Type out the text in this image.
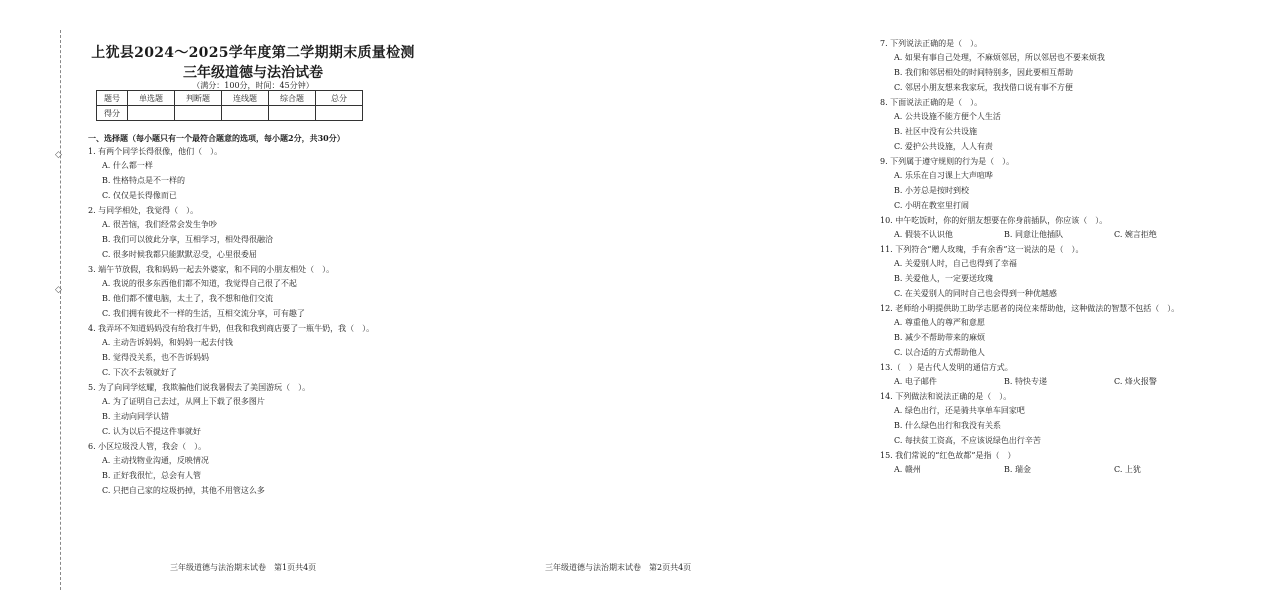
◇
◇
上犹县2024～2025学年度第二学期期末质量检测
三年级道德与法治试卷
（满分：100分，时间：45分钟）
题号	单选题	判断题	连线题	综合题	总分
得分					
一、选择题（每小题只有一个最符合题意的选项，每小题2分，共30分）
1. 有两个同学长得很像，他们（　）。
A. 什么都一样
B. 性格特点是不一样的
C. 仅仅是长得像而已
2. 与同学相处，我觉得（　）。
A. 很苦恼，我们经常会发生争吵
B. 我们可以彼此分享，互相学习，相处得很融洽
C. 很多时候我都只能默默忍受，心里很委屈
3. 端午节放假，我和妈妈一起去外婆家，和不同的小朋友相处（　）。
A. 我说的很多东西他们都不知道，我觉得自己很了不起
B. 他们都不懂电脑，太土了，我不想和他们交流
C. 我们拥有彼此不一样的生活，互相交流分享，可有趣了
4. 我弄坏不知道妈妈没有给我打牛奶，但我和我到商店要了一瓶牛奶，我（　）。
A. 主动告诉妈妈，和妈妈一起去付钱
B. 觉得没关系，也不告诉妈妈
C. 下次不去领就好了
5. 为了向同学炫耀，我欺骗他们说我暑假去了美国游玩（　）。
A. 为了证明自己去过，从网上下载了很多图片
B. 主动向同学认错
C. 认为以后不提这件事就好
6. 小区垃圾没人管，我会（　）。
A. 主动找物业沟通，反映情况
B. 正好我很忙，总会有人管
C. 只把自己家的垃圾扔掉，其他不用管这么多
三年级道德与法治期末试卷　第1页共4页
7. 下列说法正确的是（　）。
A. 如果有事自己处理，不麻烦邻居，所以邻居也不要来烦我
B. 我们和邻居相处的时间特别多，因此要相互帮助
C. 邻居小朋友想来我家玩，我找借口说有事不方便
8. 下面说法正确的是（　）。
A. 公共设施不能方便个人生活
B. 社区中没有公共设施
C. 爱护公共设施，人人有责
9. 下列属于遵守规则的行为是（　）。
A. 乐乐在自习课上大声喧哗
B. 小芳总是按时到校
C. 小明在教室里打闹
10. 中午吃饭时，你的好朋友想要在你身前插队，你应该（　）。
A. 假装不认识他	B. 同意让他插队	C. 婉言拒绝
11. 下列符合“赠人玫瑰，手有余香”这一说法的是（　）。
A. 关爱别人时，自己也得到了幸福
B. 关爱他人，一定要送玫瑰
C. 在关爱别人的同时自己也会得到一种优越感
12. 老师给小明提供助工助学志愿者的岗位来帮助他，这种做法的智慧不包括（　）。
A. 尊重他人的尊严和意愿
B. 减少不帮助带来的麻烦
C. 以合适的方式帮助他人
13.（　）是古代人发明的通信方式。
A. 电子邮件	B. 特快专递	C. 烽火报警
14. 下列做法和说法正确的是（　）。
A. 绿色出行，还是骑共享单车回家吧
B. 什么绿色出行和我没有关系
C. 每扶贫工资高，不应该说绿色出行辛苦
15. 我们常说的“红色故都”是指（　）
A. 赣州	B. 瑞金	C. 上犹
三年级道德与法治期末试卷　第2页共4页
